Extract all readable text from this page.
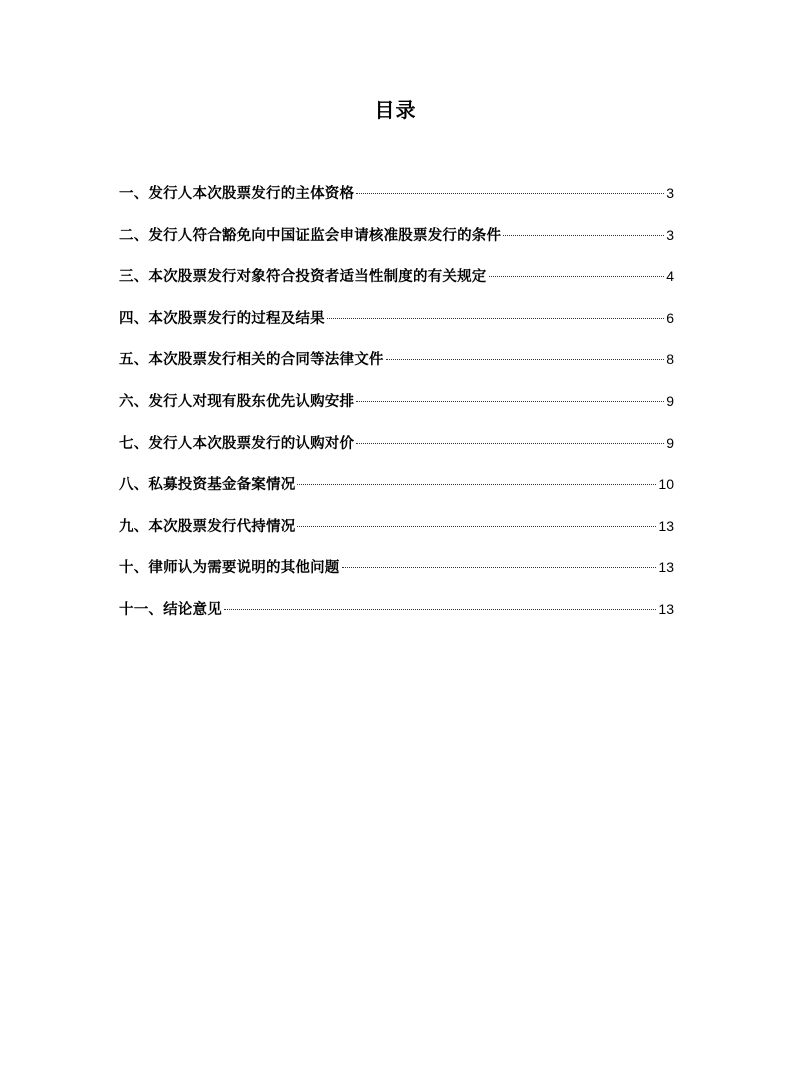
目录
一、发行人本次股票发行的主体资格	3
二、发行人符合豁免向中国证监会申请核准股票发行的条件	3
三、本次股票发行对象符合投资者适当性制度的有关规定	4
四、本次股票发行的过程及结果	6
五、本次股票发行相关的合同等法律文件	8
六、发行人对现有股东优先认购安排	9
七、发行人本次股票发行的认购对价	9
八、私募投资基金备案情况	10
九、本次股票发行代持情况	13
十、律师认为需要说明的其他问题	13
十一、结论意见	13
